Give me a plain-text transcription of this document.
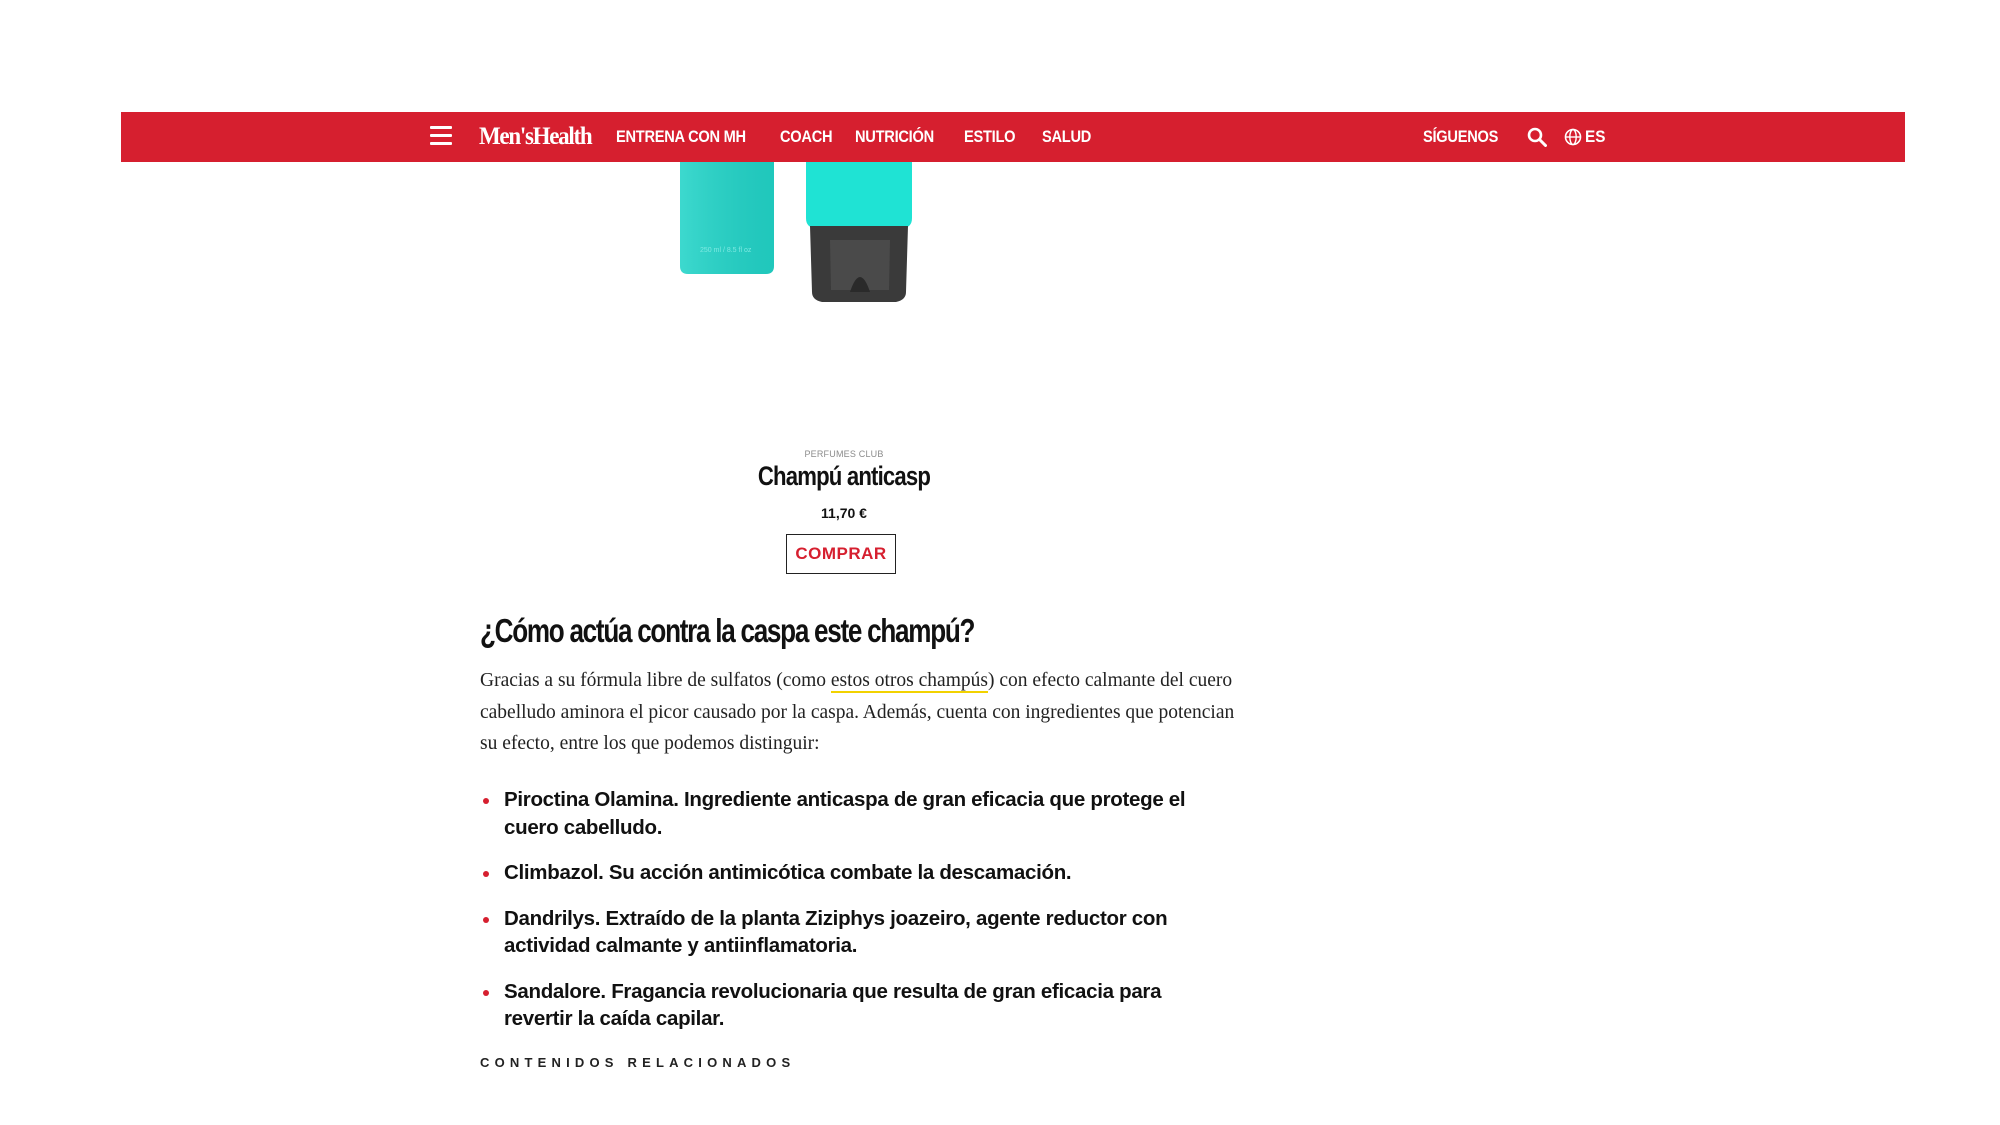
Men'sHealth ENTRENA CON MH COACH NUTRICIÓN ESTILO SALUD	SÍGUENOS	ES
250 ml / 8.5 fl oz
PERFUMES CLUB
Champú anticasp
11,70 €
COMPRAR
¿Cómo actúa contra la caspa este champú?

Gracias a su fórmula libre de sulfatos (como estos otros champús) con efecto calmante del cuero cabelludo aminora el picor causado por la caspa. Además, cuenta con ingredientes que potencian su efecto, entre los que podemos distinguir:

Piroctina Olamina. Ingrediente anticaspa de gran eficacia que protege el cuero cabelludo.
Climbazol. Su acción antimicótica combate la descamación.
Dandrilys. Extraído de la planta Ziziphys joazeiro, agente reductor con actividad calmante y antiinflamatoria.
Sandalore. Fragancia revolucionaria que resulta de gran eficacia para revertir la caída capilar.
CONTENIDOS RELACIONADOS
